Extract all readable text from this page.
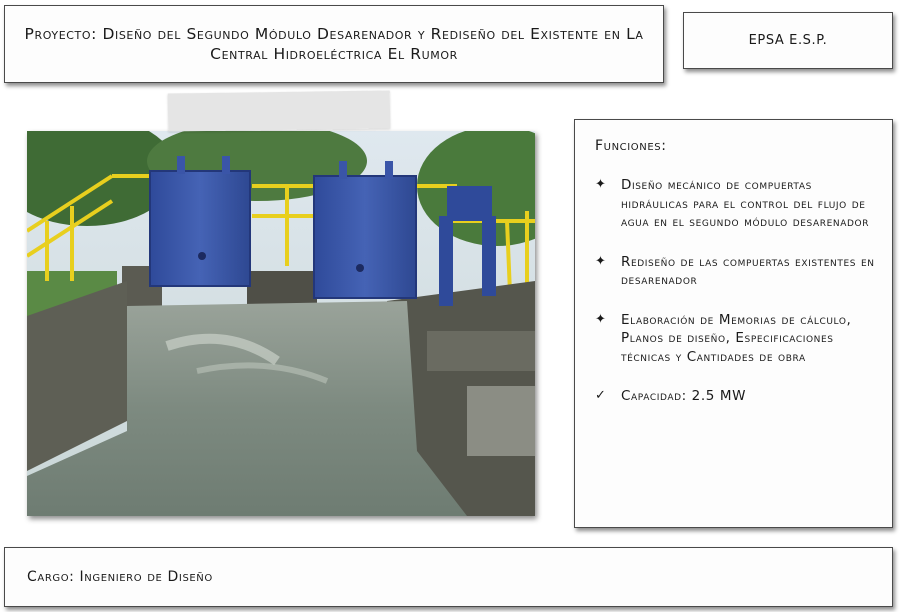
Proyecto: Diseño del Segundo Módulo Desarenador y Rediseño del Existente en La Central Hidroeléctrica El Rumor
EPSA E.S.P.
Funciones:
✦	Diseño mecánico de compuertas hidráulicas para el control del flujo de agua en el segundo módulo desarenador
✦	Rediseño de las compuertas existentes en desarenador
✦	Elaboración de Memorias de cálculo, Planos de diseño, Especificaciones técnicas y Cantidades de obra
✓	Capacidad: 2.5 MW
Cargo: Ingeniero de Diseño
